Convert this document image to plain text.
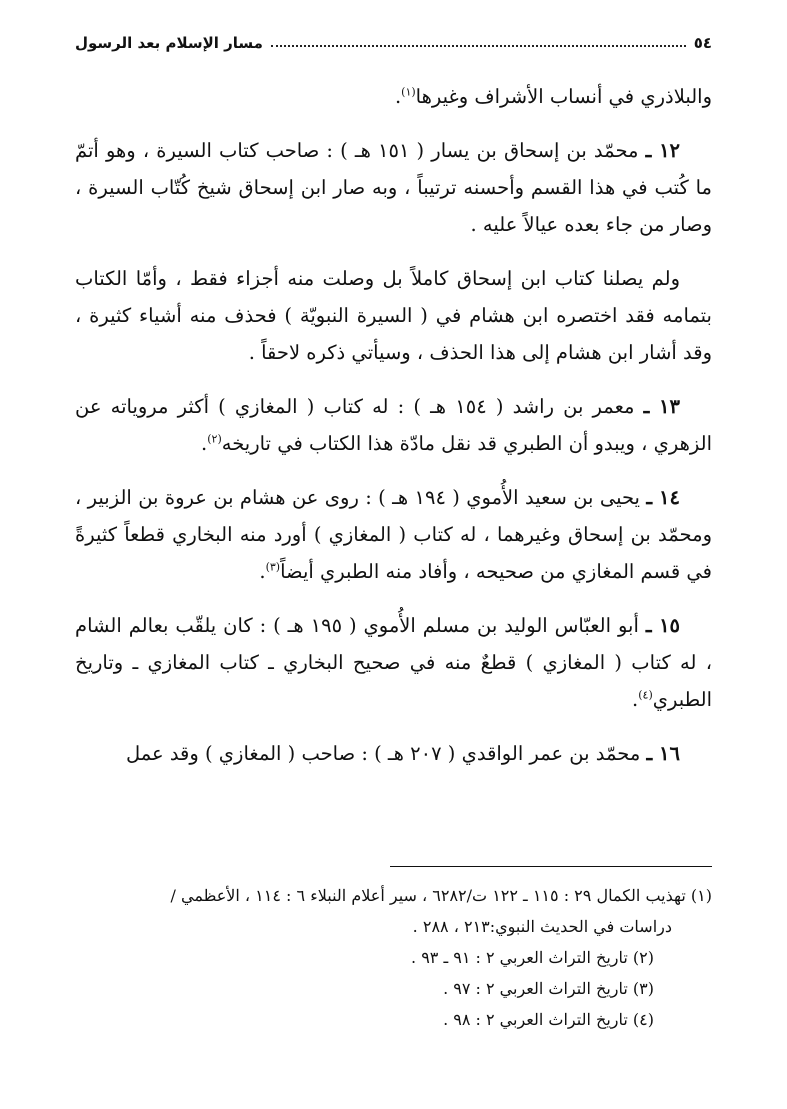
٥٤
مسار الإسلام بعد الرسول

والبلاذري في أنساب الأشراف وغيرها$^{(١)}$.

١٢ ـ محمّد بن إسحاق بن يسار ( ١٥١ هـ ) : صاحب كتاب السيرة ، وهو أتمّ ما كُتب في هذا القسم وأحسنه ترتيباً ، وبه صار ابن إسحاق شيخ كُتّاب السيرة ، وصار من جاء بعده عيالاً عليه .

ولم يصلنا كتاب ابن إسحاق كاملاً بل وصلت منه أجزاء فقط ، وأمّا الكتاب بتمامه فقد اختصره ابن هشام في ( السيرة النبويّة ) فحذف منه أشياء كثيرة ، وقد أشار ابن هشام إلى هذا الحذف ، وسيأتي ذكره لاحقاً .

١٣ ـ معمر بن راشد ( ١٥٤ هـ ) : له كتاب ( المغازي ) أكثر مروياته عن الزهري ، ويبدو أن الطبري قد نقل مادّة هذا الكتاب في تاريخه$^{(٢)}$.

١٤ ـ يحيى بن سعيد الأُموي ( ١٩٤ هـ ) : روى عن هشام بن عروة بن الزبير ، ومحمّد بن إسحاق وغيرهما ، له كتاب ( المغازي ) أورد منه البخاري قطعاً كثيرةً في قسم المغازي من صحيحه ، وأفاد منه الطبري أيضاً$^{(٣)}$.

١٥ ـ أبو العبّاس الوليد بن مسلم الأُموي ( ١٩٥ هـ ) : كان يلقّب بعالم الشام ، له كتاب ( المغازي ) قطعٌ منه في صحيح البخاري ـ كتاب المغازي ـ وتاريخ الطبري$^{(٤)}$.

١٦ ـ محمّد بن عمر الواقدي ( ٢٠٧ هـ ) : صاحب ( المغازي ) وقد عمل

(١) تهذيب الكمال ٢٩ : ١١٥ ـ ١٢٢ ت/٦٢٨٢ ، سير أعلام النبلاء ٦ : ١١٤ ، الأعظمي /

دراسات في الحديث النبوي:٢١٣ ، ٢٨٨ .

(٢) تاريخ التراث العربي ٢ : ٩١ ـ ٩٣ .

(٣) تاريخ التراث العربي ٢ : ٩٧ .

(٤) تاريخ التراث العربي ٢ : ٩٨ .
